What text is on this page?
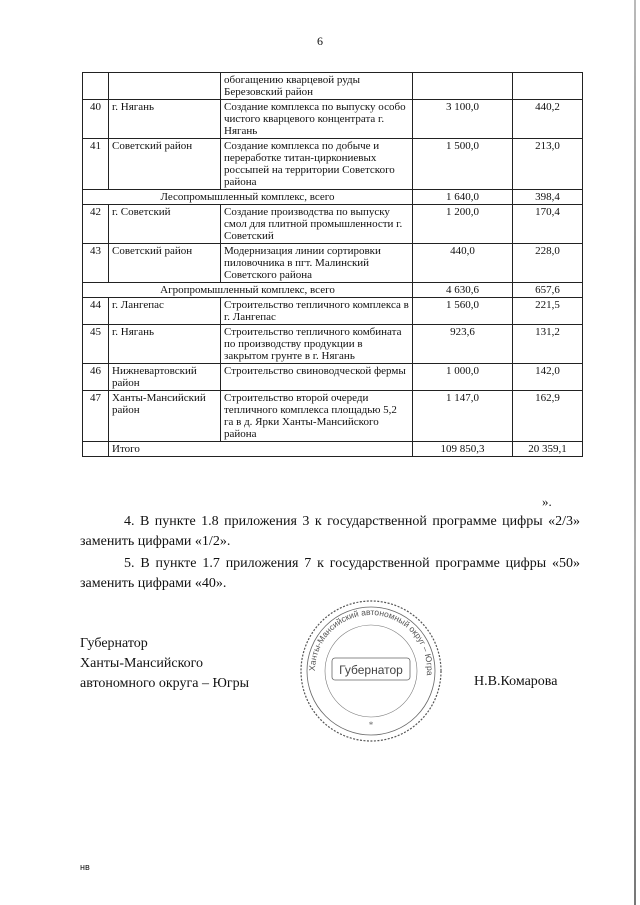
6
		обогащению кварцевой руды Березовский район		
40	г. Нягань	Создание комплекса по выпуску особо чистого кварцевого концентрата г. Нягань	3 100,0	440,2
41	Советский район	Создание комплекса по добыче и переработке титан-циркониевых россыпей на территории Советского района	1 500,0	213,0
Лесопромышленный комплекс, всего			1 640,0	398,4
42	г. Советский	Создание производства по выпуску смол для плитной промышленности г. Советский	1 200,0	170,4
43	Советский район	Модернизация линии сортировки пиловочника в пгт. Малинский Советского района	440,0	228,0
Агропромышленный комплекс, всего			4 630,6	657,6
44	г. Лангепас	Строительство тепличного комплекса в г. Лангепас	1 560,0	221,5
45	г. Нягань	Строительство тепличного комбината по производству продукции в закрытом грунте в г. Нягань	923,6	131,2
46	Нижневартовский район	Строительство свиноводческой фермы	1 000,0	142,0
47	Ханты-Мансийский район	Строительство второй очереди тепличного комплекса площадью 5,2 га в д. Ярки Ханты-Мансийского района	1 147,0	162,9
	Итого		109 850,3	20 359,1
».
4. В пункте 1.8 приложения 3 к государственной программе цифры «2/3» заменить цифрами «1/2».
5. В пункте 1.7 приложения 7 к государственной программе цифры «50» заменить цифрами «40».
Губернатор
Ханты-Мансийского
автономного округа – Югры
Ханты-Мансийский автономный округ – Югра
Губернатор
*
Н.В.Комарова
нв
